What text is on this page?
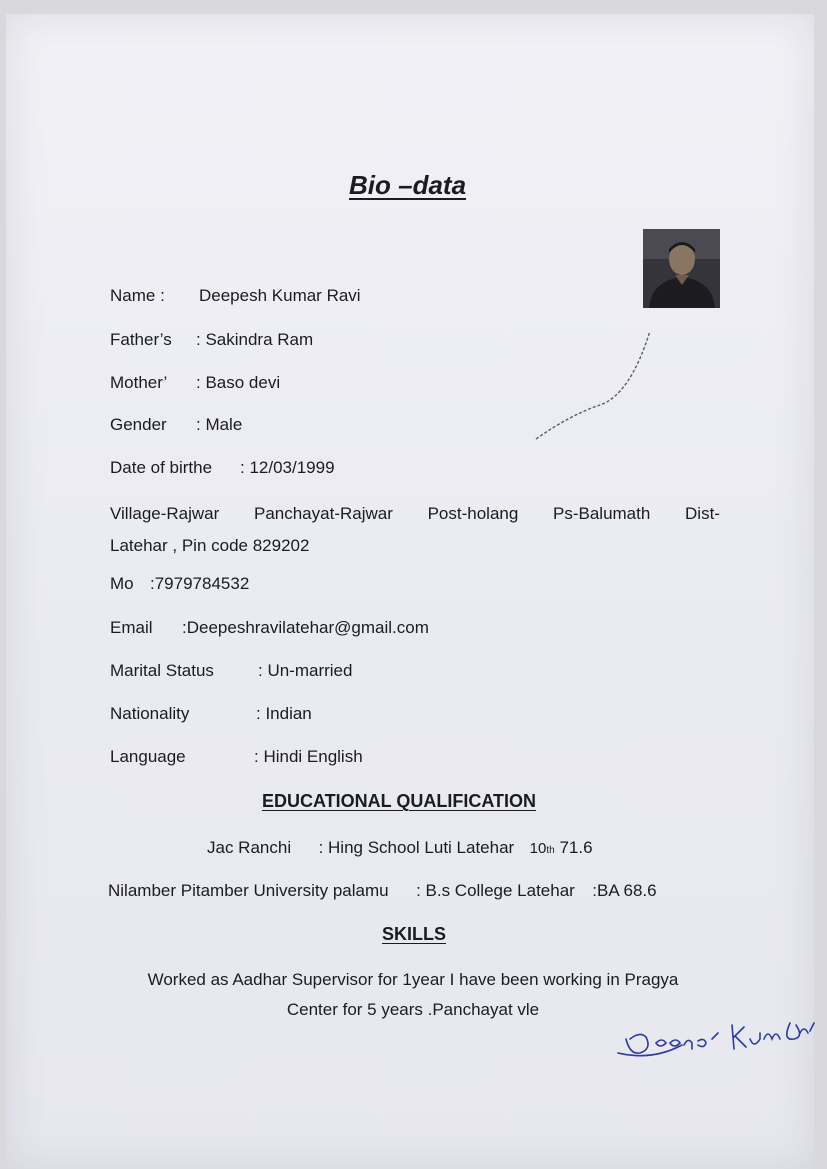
Bio –data
Name : Deepesh Kumar Ravi
Father’s : Sakindra Ram
Mother’ : Baso devi
Gender : Male
Date of birthe : 12/03/1999
Village-Rajwar Panchayat-Rajwar Post-holang Ps-Balumath Dist-
Latehar , Pin code 829202
Mo :7979784532
Email :Deepeshravilatehar@gmail.com
Marital Status	: Un-married
Nationality	: Indian
Language	: Hindi English
EDUCATIONAL QUALIFICATION
Jac Ranchi : Hing School Luti Latehar 10th 71.6
Nilamber Pitamber University palamu : B.s College Latehar :BA 68.6
SKILLS
Worked as Aadhar Supervisor for 1year I have been working in Pragya
Center for 5 years .Panchayat vle
